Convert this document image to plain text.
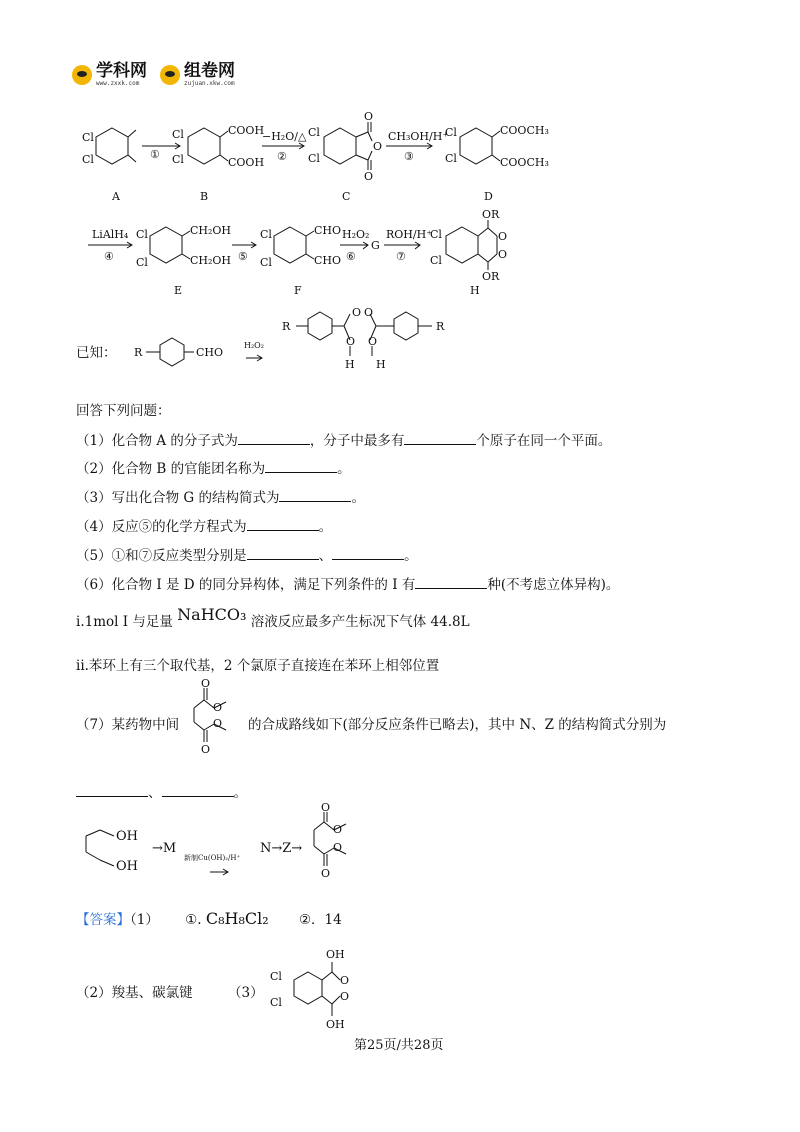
学科网
www.zxxk.com
组卷网
zujuan.xkw.com
Cl
Cl
A
①
Cl
Cl
COOH
COOH
B
−H₂O/△
②
Cl
Cl
O
O
O
C
CH₃OH/H⁺
③
Cl
Cl
COOCH₃
COOCH₃
D
LiAlH₄
④
Cl
Cl
CH₂OH
CH₂OH
E
⑤
Cl
Cl
CHO
CHO
F
H₂O₂
⑥
G
ROH/H⁺
⑦
Cl
Cl
OR
OR
O
O
H
R	CHO
H₂O₂
R
O O
O O
H H
R
已知：
回答下列问题：
（1）化合物 A 的分子式为	，分子中最多有	个原子在同一个平面。
（2）化合物 B 的官能团名称为	。
（3）写出化合物 G 的结构简式为	。
（4）反应⑤的化学方程式为	。
（5）①和⑦反应类型分别是	、	。
（6）化合物 I 是 D 的同分异构体，满足下列条件的 I 有	种(不考虑立体异构)。
i.1mol I 与足量 NaHCO₃ 溶液反应最多产生标况下气体 44.8L
ii.苯环上有三个取代基，2 个氯原子直接连在苯环上相邻位置
（7）某药物中间
O
O
O
O
的合成路线如下(部分反应条件已略去)，其中 N、Z 的结构简式分别为
、	。
OH
OH
→M
新制Cu(OH)₂/H⁺
N→Z→
O
O
O
O
【答案】（1） ①. C₈H₈Cl₂ ②．14
（2）羧基、碳氯键	（3）
Cl
Cl
OH
OH
O
O
第25页/共28页
